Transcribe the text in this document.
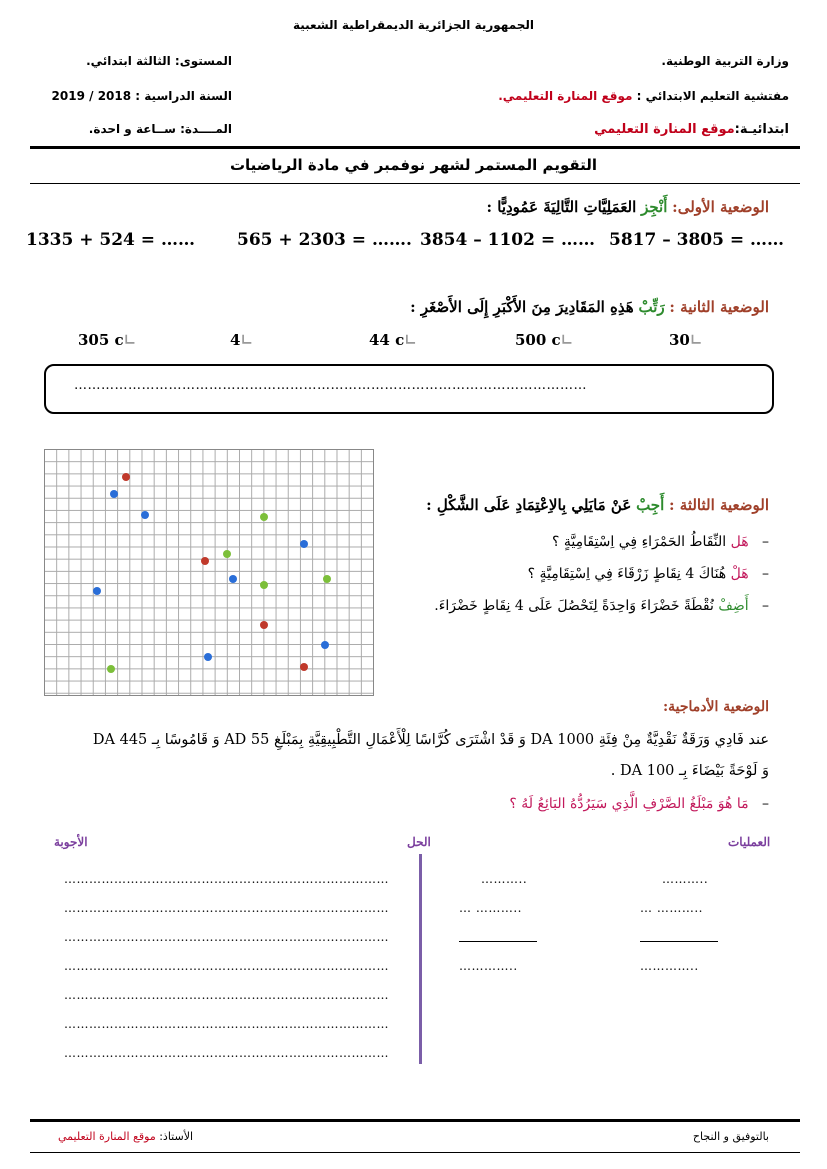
الجمهورية الجزائرية الديمقراطية الشعبية
وزارة التربية الوطنية.
مفتشية التعليم الابتدائي : موقع المنارة التعليمي.
ابتدائيـة:موقع المنارة التعليمي
المستوى: الثالثة ابتدائي.
السنة الدراسية : 2018 / 2019
المــــدة: ســاعة و احدة.
التقويم المستمر لشهر نوفمبر في مادة الرياضيات
الوضعية الأولى: أَنْجِز العَمَلِيَّاتِ التَّالِيَةَ عَمُودِيًّا :
1335 + 524 = …… 565 + 2303 = ……. 3854 – 1102 = …… 5817 – 3805 = ……
الوضعية الثانية : رَتِّبْ هَذِهِ المَقَادِيرَ مِنَ الأَكْبَرِ إِلَى الأَصْغَرِ :
305 c∟	4∟	44 c∟	500 c∟	30∟
……………………………………………………………………………………………………
الوضعية الثالثة : أَجِبْ عَنْ مَايَلِي بِالاِعْتِمَادِ عَلَى الشَّكْلِ :
–   هَل النِّقَاطُ الحَمْرَاءِ فِي اِسْتِقَامِيَّةٍ ؟
–   هَلْ هُنَاكَ 4 نِقَاطٍ زَرْقَاءَ فِي اِسْتِقَامِيَّةٍ ؟
–   أَضِفْ نُقْطَةً خَضْرَاءَ وَاحِدَةً لِتَحْصُلَ عَلَى 4 نِقَاطٍ خَضْرَاءَ.
الوضعية الأدماجية:
عند فَادِي وَرَقَةٌ نَقْدِيَّةٌ مِنْ فِئَةِ 1000 DA وَ قَدْ اشْتَرَى كُرَّاسًا لِلْأَعْمَالِ التَّطْبِيقِيَّةِ بِمَبْلَغِ 55 AD وَ قَامُوسًا بِـ 445 DA
وَ لَوْحَةً بَيْضَاءَ بِـ 100 DA .
–   مَا هُوَ مَبْلَغُ الصَّرْفِ الَّذِي سَيَرُدُّهُ البَائِعُ لَهُ ؟
الأجوبة	الحل	العمليات
……………………………………………………………………
……………………………………………………………………
……………………………………………………………………
……………………………………………………………………
……………………………………………………………………
……………………………………………………………………
……………………………………………………………………
………..
… ………..
…………..
………..
… ………..
…………..
الأستاذ: موقع المنارة التعليمي	بالتوفيق و النجاح
